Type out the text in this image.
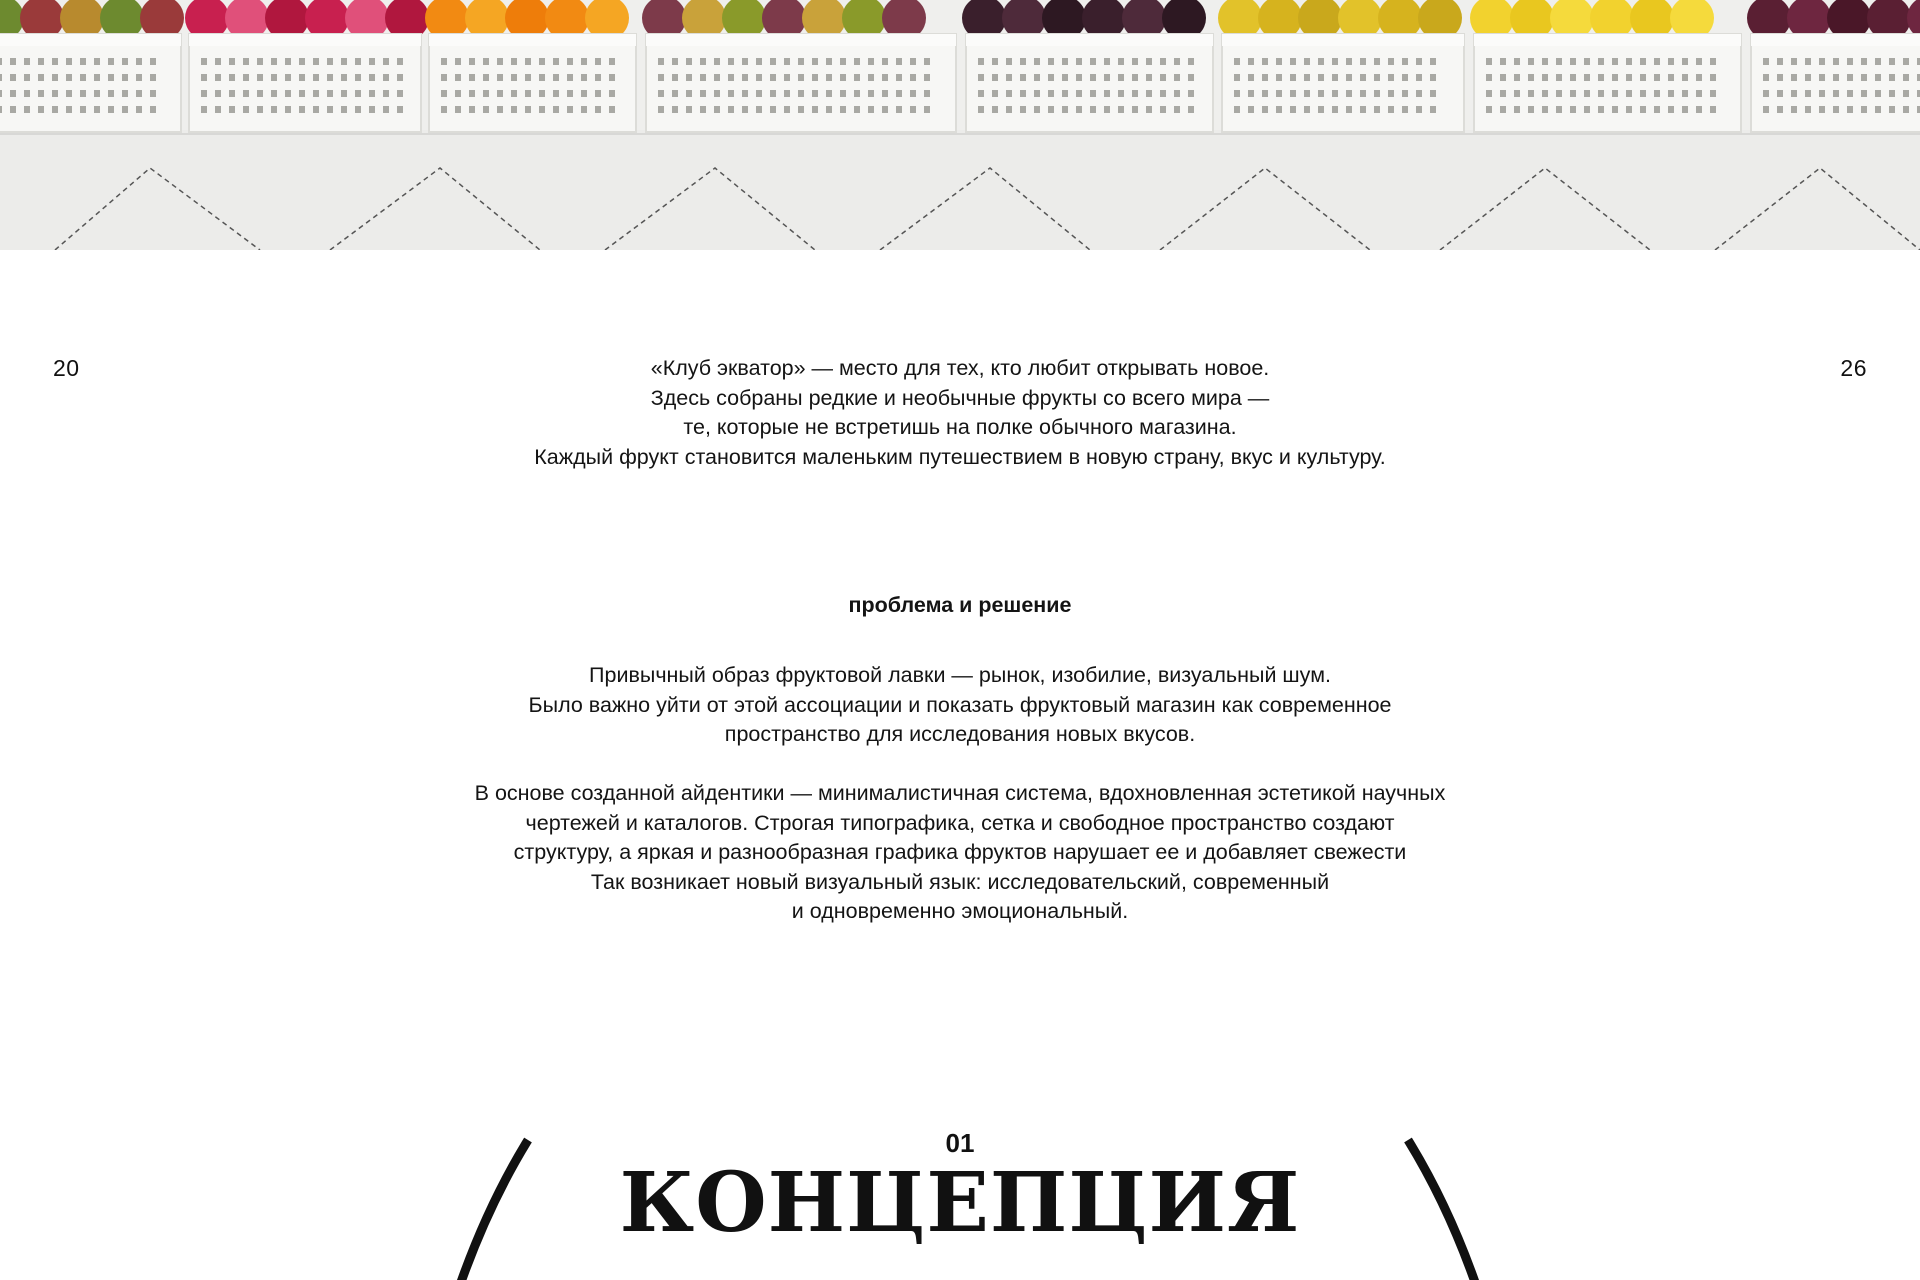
20	26
«Клуб экватор» — место для тех, кто любит открывать новое.
Здесь собраны редкие и необычные фрукты со всего мира —
те, которые не встретишь на полке обычного магазина.
Каждый фрукт становится маленьким путешествием в новую страну, вкус и культуру.
проблема и решение
Привычный образ фруктовой лавки — рынок, изобилие, визуальный шум.
Было важно уйти от этой ассоциации и показать фруктовый магазин как современное
пространство для исследования новых вкусов.
В основе созданной айдентики — минималистичная система, вдохновленная эстетикой научных
чертежей и каталогов. Строгая типографика, сетка и свободное пространство создают
структуру, а яркая и разнообразная графика фруктов нарушает ее и добавляет свежести
Так возникает новый визуальный язык: исследовательский, современный
и одновременно эмоциональный.
01
КОНЦЕПЦИЯ
